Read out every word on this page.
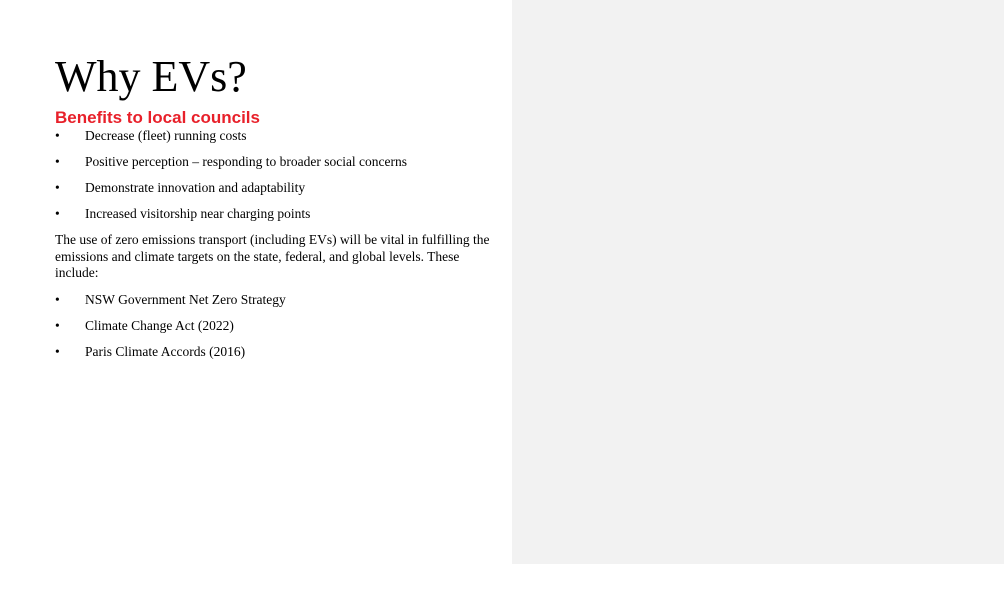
Why EVs?
Benefits to local councils
• Decrease (fleet) running costs
• Positive perception – responding to broader social concerns
• Demonstrate innovation and adaptability
• Increased visitorship near charging points

The use of zero emissions transport (including EVs) will be vital in fulfilling the emissions and climate targets on the state, federal, and global levels. These include:

• NSW Government Net Zero Strategy
• Climate Change Act (2022)
• Paris Climate Accords (2016)
